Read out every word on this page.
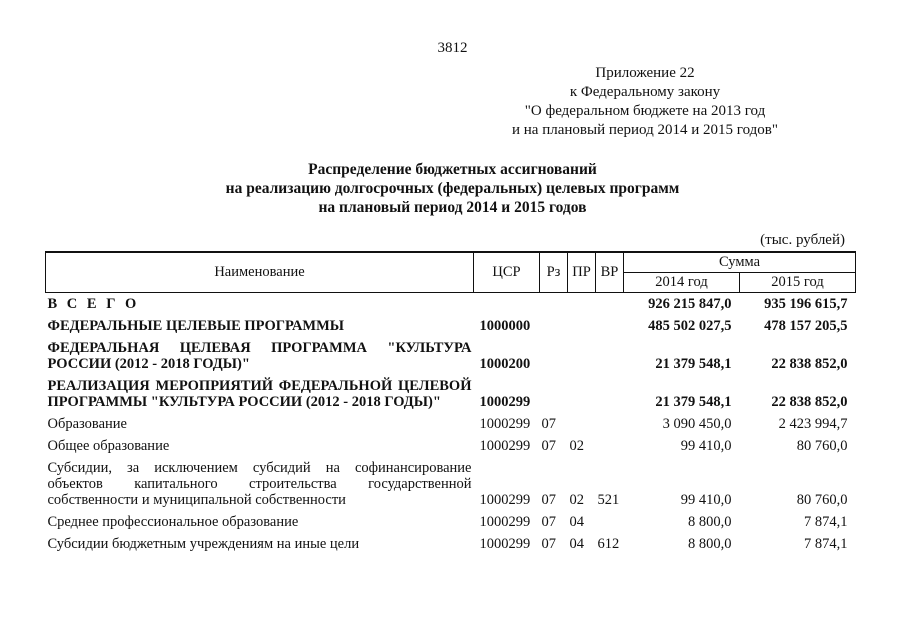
3812
Приложение 22
к Федеральному закону
"О федеральном бюджете на 2013 год
и на плановый период 2014 и 2015 годов"
Распределение бюджетных ассигнований
на реализацию долгосрочных (федеральных) целевых программ
на плановый период 2014 и 2015 годов
(тыс. рублей)
Наименование	ЦСР	Рз	ПР	ВР	Сумма	
					2014 год	2015 год
В С Е Г О					926 215 847,0	935 196 615,7
ФЕДЕРАЛЬНЫЕ ЦЕЛЕВЫЕ ПРОГРАММЫ	1000000				485 502 027,5	478 157 205,5

ФЕДЕРАЛЬНАЯ ЦЕЛЕВАЯ ПРОГРАММА "КУЛЬТУРА
РОССИИ (2012 - 2018 ГОДЫ)"	1000200				21 379 548,1	22 838 852,0

РЕАЛИЗАЦИЯ МЕРОПРИЯТИЙ ФЕДЕРАЛЬНОЙ ЦЕЛЕВОЙ
ПРОГРАММЫ "КУЛЬТУРА РОССИИ (2012 - 2018 ГОДЫ)"	1000299				21 379 548,1	22 838 852,0
Образование	1000299	07			3 090 450,0	2 423 994,7
Общее образование	1000299	07	02		99 410,0	80 760,0

Субсидии, за исключением субсидий на софинансирование
объектов капитального строительства государственной
собственности и муниципальной собственности	1000299	07	02	521	99 410,0	80 760,0
Среднее профессиональное образование	1000299	07	04		8 800,0	7 874,1
Субсидии бюджетным учреждениям на иные цели	1000299	07	04	612	8 800,0	7 874,1
